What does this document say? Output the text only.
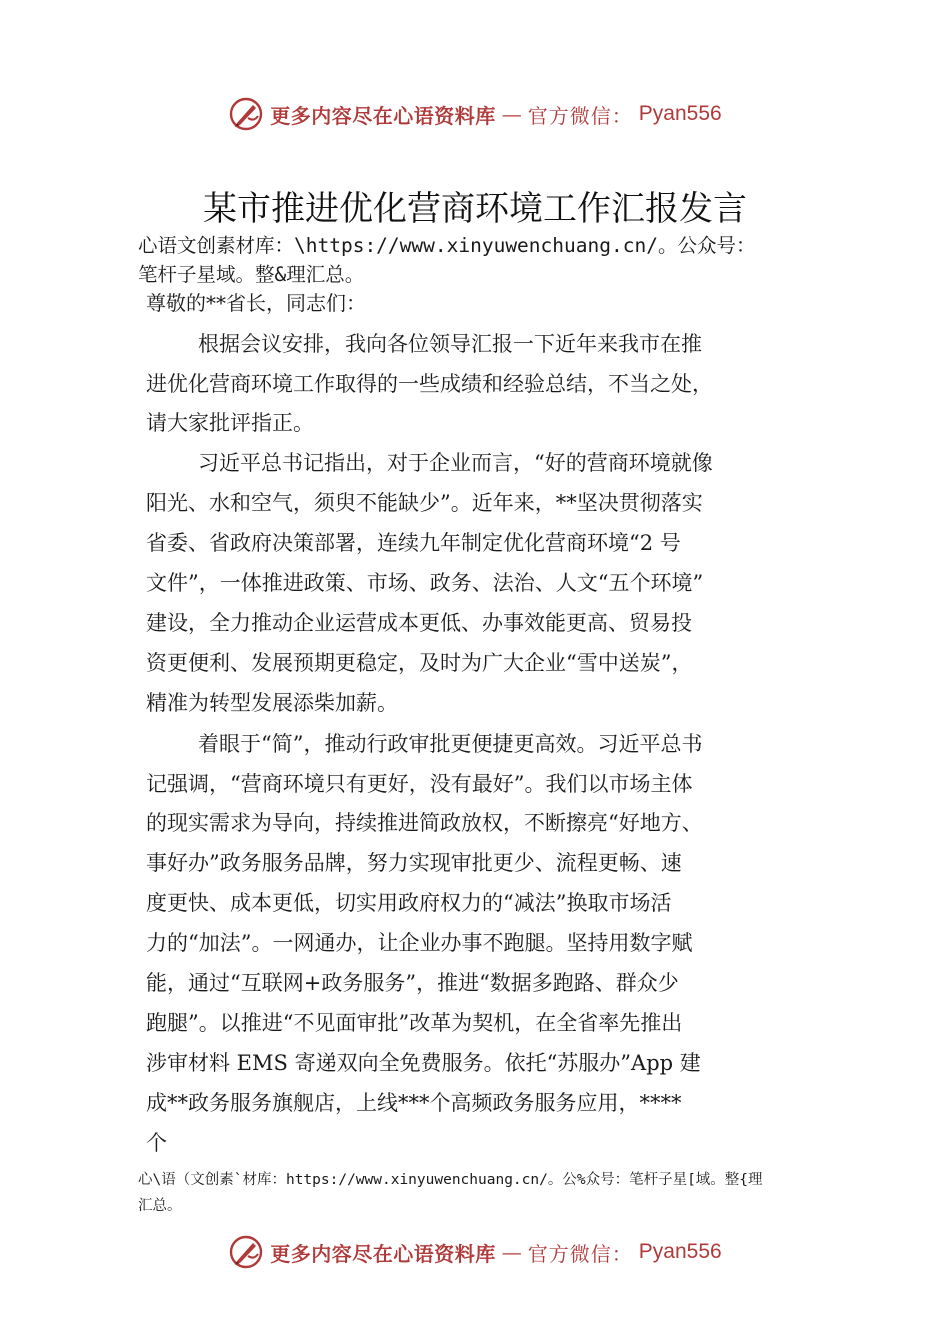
更多内容尽在心语资料库 — 官方微信： Pyan556
某市推进优化营商环境工作汇报发言
心语文创素材库：\https://www.xinyuwenchuang.cn/。公众号：
笔杆子星域。整&理汇总。
尊敬的**省长，同志们：
根据会议安排，我向各位领导汇报一下近年来我市在推
进优化营商环境工作取得的一些成绩和经验总结，不当之处，
请大家批评指正。
习近平总书记指出，对于企业而言，“好的营商环境就像
阳光、水和空气，须臾不能缺少”。近年来，**坚决贯彻落实
省委、省政府决策部署，连续九年制定优化营商环境“2 号
文件”，一体推进政策、市场、政务、法治、人文“五个环境”
建设，全力推动企业运营成本更低、办事效能更高、贸易投
资更便利、发展预期更稳定，及时为广大企业“雪中送炭”，
精准为转型发展添柴加薪。
着眼于“简”，推动行政审批更便捷更高效。习近平总书
记强调，“营商环境只有更好，没有最好”。我们以市场主体
的现实需求为导向，持续推进简政放权，不断擦亮“好地方、
事好办”政务服务品牌，努力实现审批更少、流程更畅、速
度更快、成本更低，切实用政府权力的“减法”换取市场活
力的“加法”。一网通办，让企业办事不跑腿。坚持用数字赋
能，通过“互联网+政务服务”，推进“数据多跑路、群众少
跑腿”。以推进“不见面审批”改革为契机，在全省率先推出
涉审材料 EMS 寄递双向全免费服务。依托“苏服办”App 建
成**政务服务旗舰店，上线***个高频政务服务应用，****
个
心\语（文创素`材库：https://www.xinyuwenchuang.cn/。公%众号：笔杆子星[域。整{理
汇总。
更多内容尽在心语资料库 — 官方微信： Pyan556
